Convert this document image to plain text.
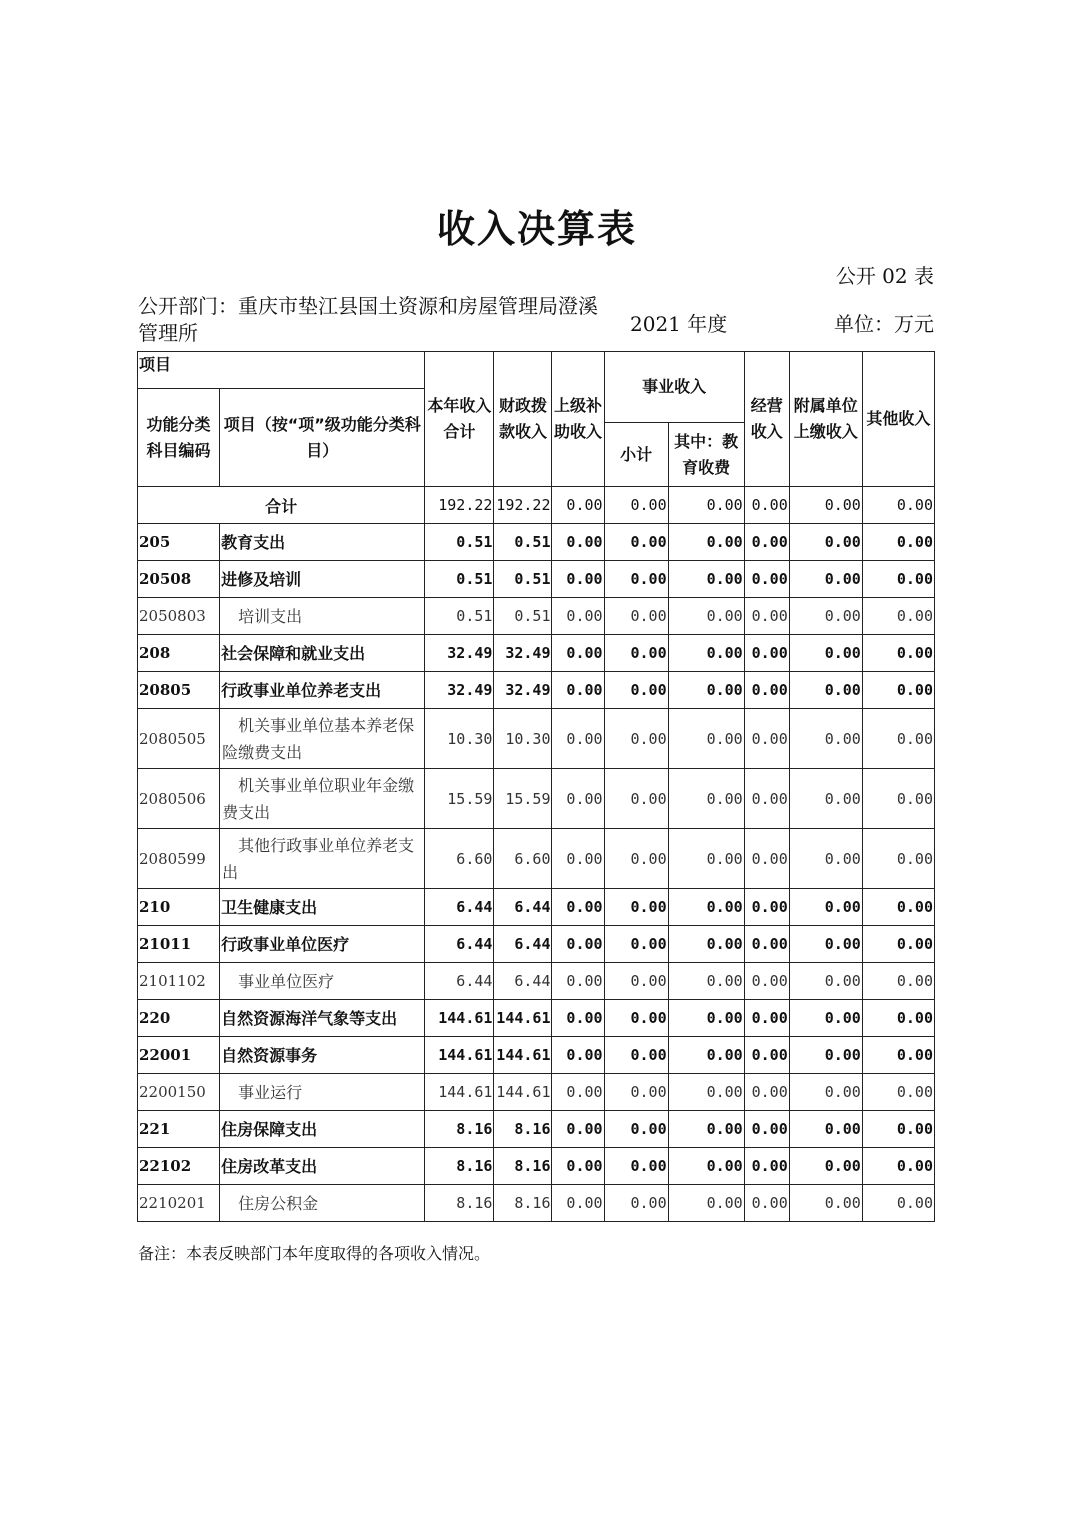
收入决算表
公开 02 表
公开部门：重庆市垫江县国土资源和房屋管理局澄溪管理所	2021 年度	单位：万元
项目		本年收入合计	财政拨款收入	上级补助收入	事业收入		经营收入	附属单位上缴收入	其他收入
功能分类科目编码	项目（按“项”级功能分类科目）								
					小计	其中：教育收费			
合计		192.22	192.22	0.00	0.00	0.00	0.00	0.00	0.00
205	教育支出	0.51	0.51	0.00	0.00	0.00	0.00	0.00	0.00
20508	进修及培训	0.51	0.51	0.00	0.00	0.00	0.00	0.00	0.00
2050803	　培训支出	0.51	0.51	0.00	0.00	0.00	0.00	0.00	0.00
208	社会保障和就业支出	32.49	32.49	0.00	0.00	0.00	0.00	0.00	0.00
20805	行政事业单位养老支出	32.49	32.49	0.00	0.00	0.00	0.00	0.00	0.00
2080505	　机关事业单位基本养老保险缴费支出	10.30	10.30	0.00	0.00	0.00	0.00	0.00	0.00
2080506	　机关事业单位职业年金缴费支出	15.59	15.59	0.00	0.00	0.00	0.00	0.00	0.00
2080599	　其他行政事业单位养老支出	6.60	6.60	0.00	0.00	0.00	0.00	0.00	0.00
210	卫生健康支出	6.44	6.44	0.00	0.00	0.00	0.00	0.00	0.00
21011	行政事业单位医疗	6.44	6.44	0.00	0.00	0.00	0.00	0.00	0.00
2101102	　事业单位医疗	6.44	6.44	0.00	0.00	0.00	0.00	0.00	0.00
220	自然资源海洋气象等支出	144.61	144.61	0.00	0.00	0.00	0.00	0.00	0.00
22001	自然资源事务	144.61	144.61	0.00	0.00	0.00	0.00	0.00	0.00
2200150	　事业运行	144.61	144.61	0.00	0.00	0.00	0.00	0.00	0.00
221	住房保障支出	8.16	8.16	0.00	0.00	0.00	0.00	0.00	0.00
22102	住房改革支出	8.16	8.16	0.00	0.00	0.00	0.00	0.00	0.00
2210201	　住房公积金	8.16	8.16	0.00	0.00	0.00	0.00	0.00	0.00
备注：本表反映部门本年度取得的各项收入情况。
